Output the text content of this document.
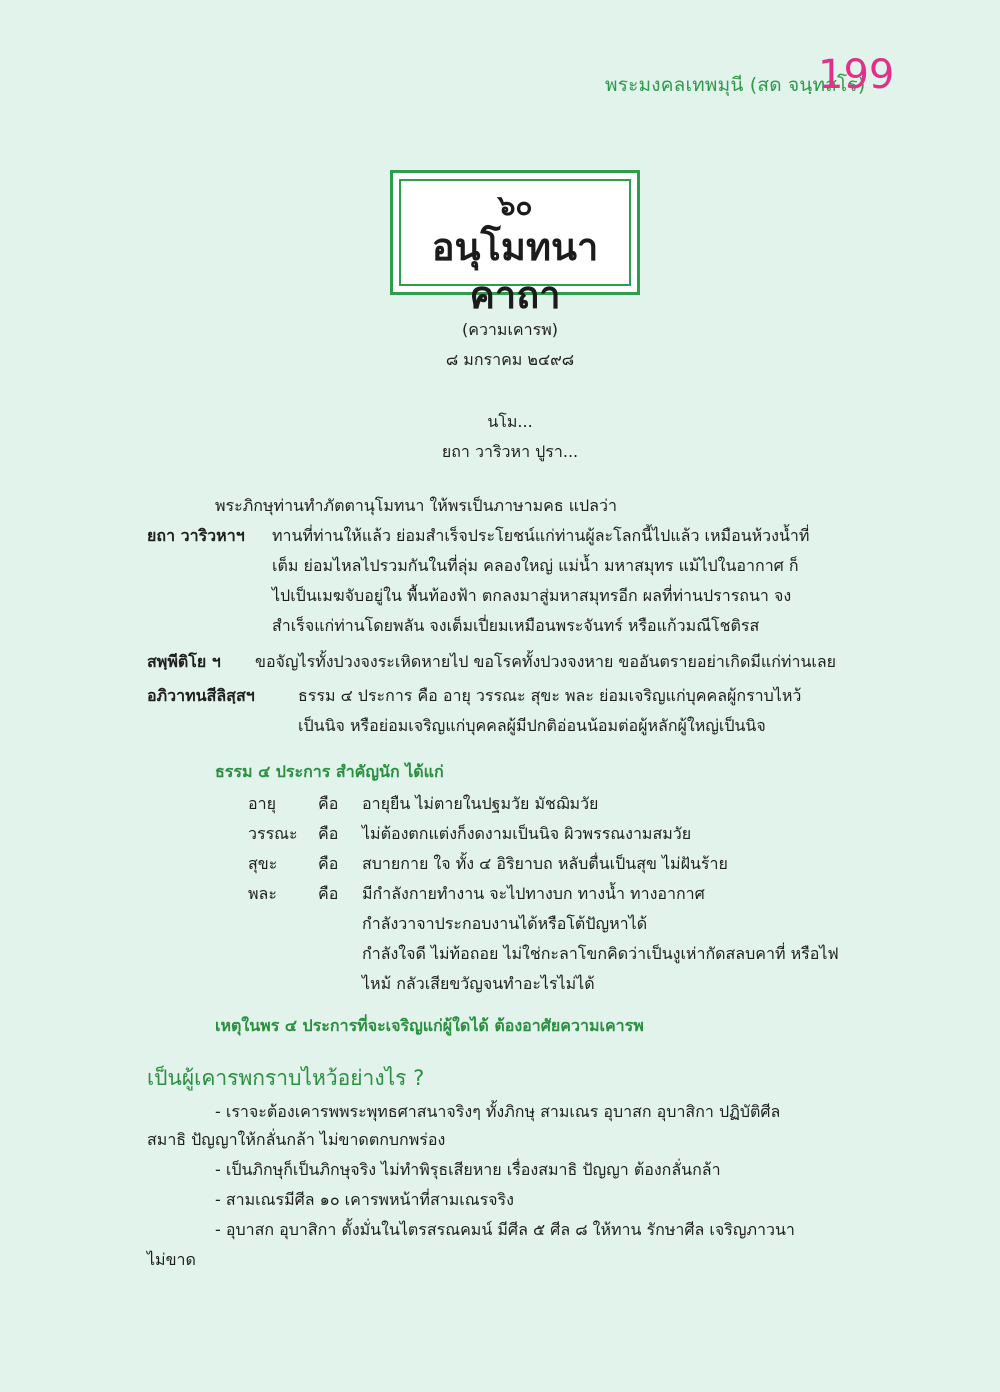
พระมงคลเทพมุนี (สด จนฺทสโร)
199
๖๐
อนุโมทนาคาถา
(ความเคารพ)
๘ มกราคม ๒๔๙๘
นโม...
ยถา วาริวหา ปูรา...
พระภิกษุท่านทำภัตตานุโมทนา ให้พรเป็นภาษามคธ แปลว่า
ยถา วาริวหาฯ ทานที่ท่านให้แล้ว ย่อมสำเร็จประโยชน์แก่ท่านผู้ละโลกนี้ไปแล้ว เหมือนห้วงน้ำที่
เต็ม ย่อมไหลไปรวมกันในที่ลุ่ม คลองใหญ่ แม่น้ำ มหาสมุทร แม้ไปในอากาศ ก็
ไปเป็นเมฆจับอยู่ใน พื้นท้องฟ้า ตกลงมาสู่มหาสมุทรอีก ผลที่ท่านปรารถนา จง
สำเร็จแก่ท่านโดยพลัน จงเต็มเปี่ยมเหมือนพระจันทร์ หรือแก้วมณีโชติรส
สพฺพีติโย ฯ ขอจัญไรทั้งปวงจงระเหิดหายไป ขอโรคทั้งปวงจงหาย ขออันตรายอย่าเกิดมีแก่ท่านเลย
อภิวาทนสีลิสฺสฯ	ธรรม ๔ ประการ คือ อายุ วรรณะ สุขะ พละ ย่อมเจริญแก่บุคคลผู้กราบไหว้
เป็นนิจ หรือย่อมเจริญแก่บุคคลผู้มีปกติอ่อนน้อมต่อผู้หลักผู้ใหญ่เป็นนิจ
ธรรม ๔ ประการ สำคัญนัก ได้แก่
อายุ	คือ อายุยืน ไม่ตายในปฐมวัย มัชฌิมวัย
วรรณะ คือ ไม่ต้องตกแต่งก็งดงามเป็นนิจ ผิวพรรณงามสมวัย
สุขะ	คือ สบายกาย ใจ ทั้ง ๔ อิริยาบถ หลับตื่นเป็นสุข ไม่ฝันร้าย
พละ	คือ มีกำลังกายทำงาน จะไปทางบก ทางน้ำ ทางอากาศ
กำลังวาจาประกอบงานได้หรือโต้ปัญหาได้
กำลังใจดี ไม่ท้อถอย ไม่ใช่กะลาโขกคิดว่าเป็นงูเห่ากัดสลบคาที่ หรือไฟ
ไหม้ กลัวเสียขวัญจนทำอะไรไม่ได้
เหตุในพร ๔ ประการที่จะเจริญแก่ผู้ใดได้ ต้องอาศัยความเคารพ
เป็นผู้เคารพกราบไหว้อย่างไร ?
- เราจะต้องเคารพพระพุทธศาสนาจริงๆ ทั้งภิกษุ สามเณร อุบาสก อุบาสิกา ปฏิบัติศีล
สมาธิ ปัญญาให้กลั่นกล้า ไม่ขาดตกบกพร่อง
- เป็นภิกษุก็เป็นภิกษุจริง ไม่ทำพิรุธเสียหาย เรื่องสมาธิ ปัญญา ต้องกลั่นกล้า
- สามเณรมีศีล ๑๐ เคารพหน้าที่สามเณรจริง
- อุบาสก อุบาสิกา ตั้งมั่นในไตรสรณคมน์ มีศีล ๕ ศีล ๘ ให้ทาน รักษาศีล เจริญภาวนา
ไม่ขาด
